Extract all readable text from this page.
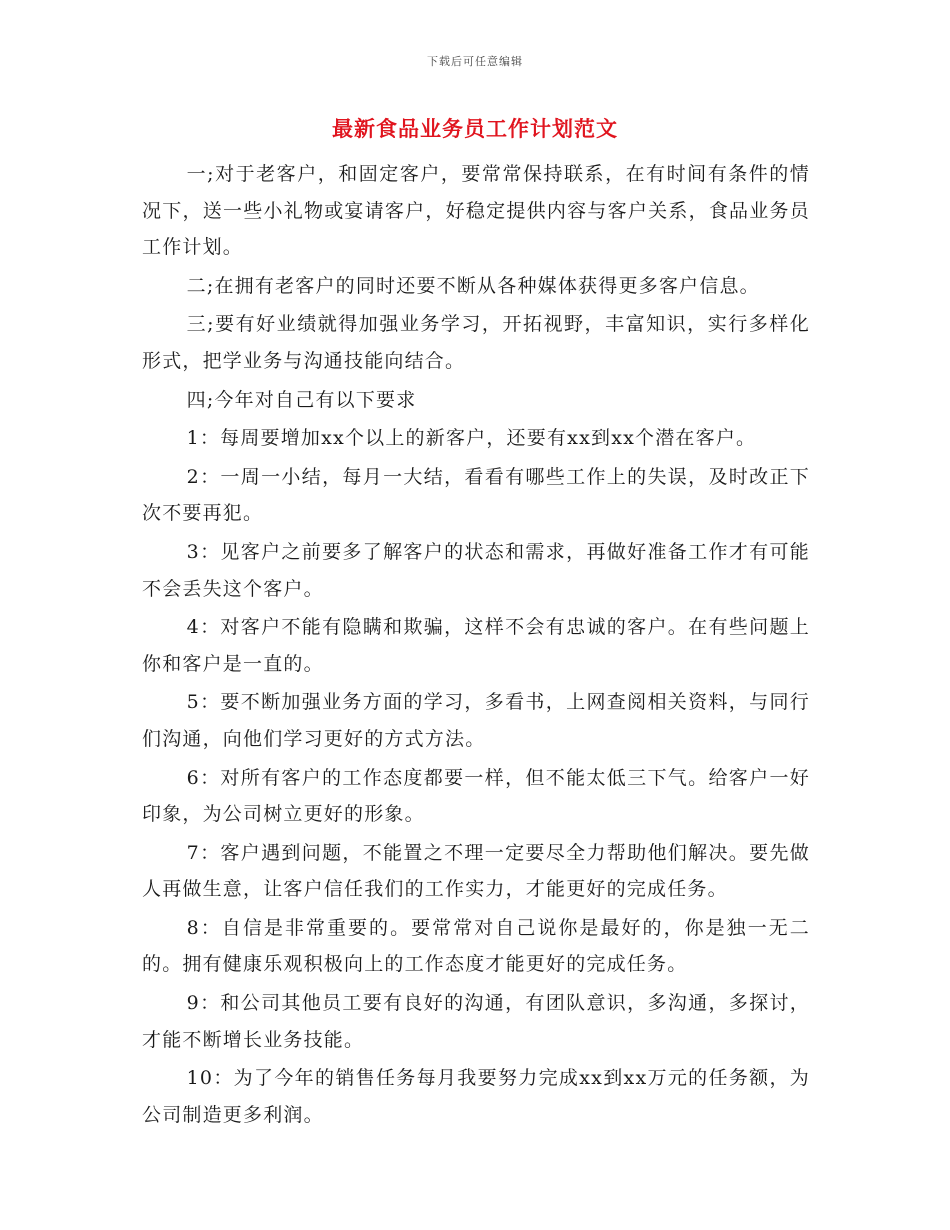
下载后可任意编辑
最新食品业务员工作计划范文

一;对于老客户，和固定客户，要常常保持联系，在有时间有条件的情况下，送一些小礼物或宴请客户，好稳定提供内容与客户关系，食品业务员工作计划。

二;在拥有老客户的同时还要不断从各种媒体获得更多客户信息。

三;要有好业绩就得加强业务学习，开拓视野，丰富知识，实行多样化形式，把学业务与沟通技能向结合。

四;今年对自己有以下要求

1：每周要增加xx个以上的新客户，还要有xx到xx个潜在客户。

2：一周一小结，每月一大结，看看有哪些工作上的失误，及时改正下次不要再犯。

3：见客户之前要多了解客户的状态和需求，再做好准备工作才有可能不会丢失这个客户。

4：对客户不能有隐瞒和欺骗，这样不会有忠诚的客户。在有些问题上你和客户是一直的。

5：要不断加强业务方面的学习，多看书，上网查阅相关资料，与同行们沟通，向他们学习更好的方式方法。

6：对所有客户的工作态度都要一样，但不能太低三下气。给客户一好印象，为公司树立更好的形象。

7：客户遇到问题，不能置之不理一定要尽全力帮助他们解决。要先做人再做生意，让客户信任我们的工作实力，才能更好的完成任务。

8：自信是非常重要的。要常常对自己说你是最好的，你是独一无二的。拥有健康乐观积极向上的工作态度才能更好的完成任务。

9：和公司其他员工要有良好的沟通，有团队意识，多沟通，多探讨，才能不断增长业务技能。

10：为了今年的销售任务每月我要努力完成xx到xx万元的任务额，为公司制造更多利润。
